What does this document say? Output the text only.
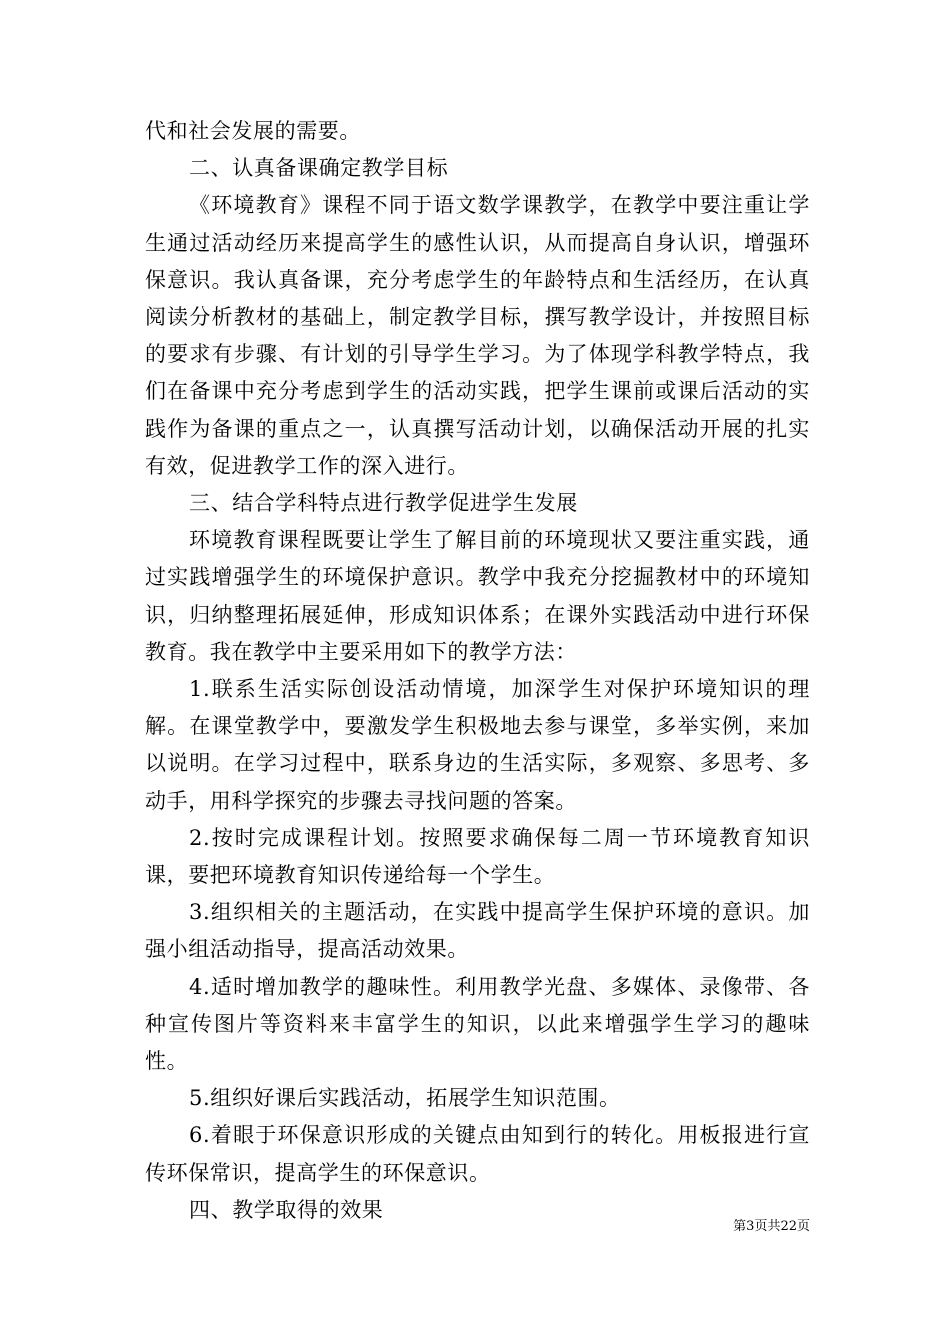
代和社会发展的需要。

二、认真备课确定教学目标

《环境教育》课程不同于语文数学课教学，在教学中要注重让学生通过活动经历来提高学生的感性认识，从而提高自身认识，增强环保意识。我认真备课，充分考虑学生的年龄特点和生活经历，在认真阅读分析教材的基础上，制定教学目标，撰写教学设计，并按照目标的要求有步骤、有计划的引导学生学习。为了体现学科教学特点，我们在备课中充分考虑到学生的活动实践，把学生课前或课后活动的实践作为备课的重点之一，认真撰写活动计划，以确保活动开展的扎实有效，促进教学工作的深入进行。

三、结合学科特点进行教学促进学生发展

环境教育课程既要让学生了解目前的环境现状又要注重实践，通过实践增强学生的环境保护意识。教学中我充分挖掘教材中的环境知识，归纳整理拓展延伸，形成知识体系；在课外实践活动中进行环保教育。我在教学中主要采用如下的教学方法：

1.联系生活实际创设活动情境，加深学生对保护环境知识的理解。在课堂教学中，要激发学生积极地去参与课堂，多举实例，来加以说明。在学习过程中，联系身边的生活实际，多观察、多思考、多动手，用科学探究的步骤去寻找问题的答案。

2.按时完成课程计划。按照要求确保每二周一节环境教育知识课，要把环境教育知识传递给每一个学生。

3.组织相关的主题活动，在实践中提高学生保护环境的意识。加强小组活动指导，提高活动效果。

4.适时增加教学的趣味性。利用教学光盘、多媒体、录像带、各种宣传图片等资料来丰富学生的知识，以此来增强学生学习的趣味性。

5.组织好课后实践活动，拓展学生知识范围。

6.着眼于环保意识形成的关键点由知到行的转化。用板报进行宣传环保常识，提高学生的环保意识。

四、教学取得的效果

第3页共22页
